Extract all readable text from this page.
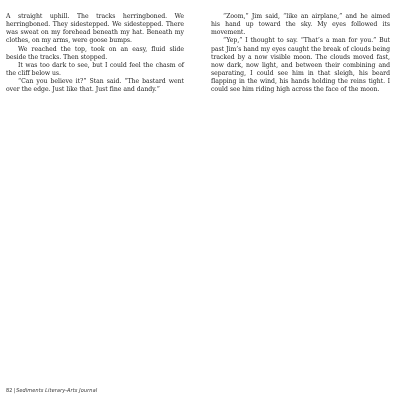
A straight uphill. The tracks herringboned. We herringboned. They sidestepped. We sidestepped. There was sweat on my forehead beneath my hat. Beneath my clothes, on my arms, were goose bumps.

We reached the top, took on an easy, fluid slide beside the tracks. Then stopped.

It was too dark to see, but I could feel the chasm of the cliff below us.

“Can you believe it?” Stan said. “The bastard went over the edge. Just like that. Just fine and dandy.”

“Zoom,” Jim said, “like an airplane,” and he aimed his hand up toward the sky. My eyes followed its movement.

“Yep,” I thought to say. “That’s a man for you.” But past Jim’s hand my eyes caught the break of clouds being tracked by a now visible moon. The clouds moved fast, now dark, now light, and between their combining and separating, I could see him in that sleigh, his beard flapping in the wind, his hands holding the reins tight. I could see him riding high across the face of the moon.

82|Sediments Literary-Arts Journal
